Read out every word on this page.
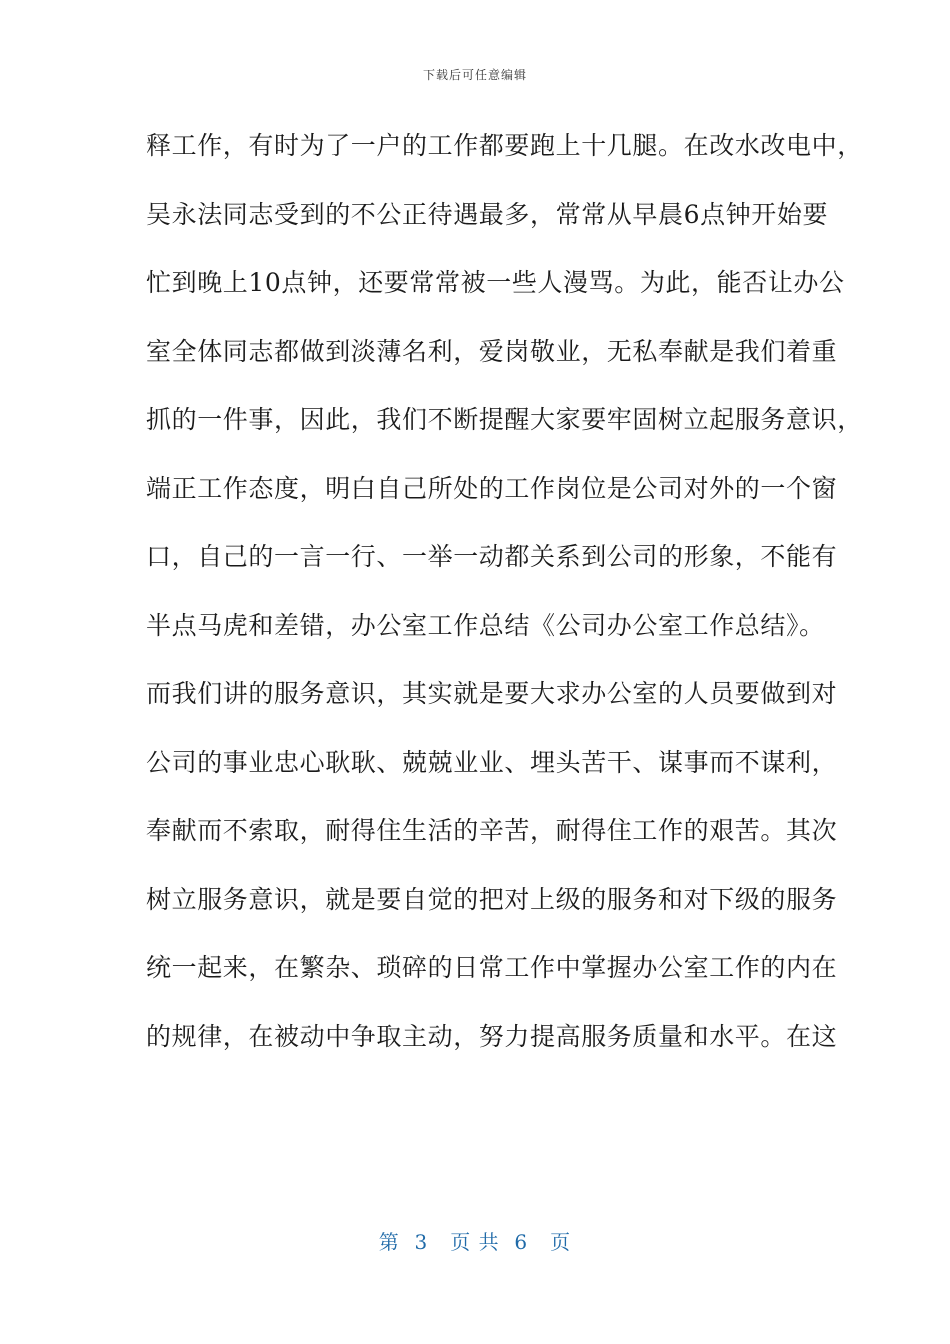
下载后可任意编辑
释工作，有时为了一户的工作都要跑上十几腿。在改水改电中，
吴永法同志受到的不公正待遇最多，常常从早晨6点钟开始要
忙到晚上10点钟，还要常常被一些人漫骂。为此，能否让办公
室全体同志都做到淡薄名利，爱岗敬业，无私奉献是我们着重
抓的一件事，因此，我们不断提醒大家要牢固树立起服务意识，
端正工作态度，明白自己所处的工作岗位是公司对外的一个窗
口，自己的一言一行、一举一动都关系到公司的形象，不能有
半点马虎和差错，办公室工作总结《公司办公室工作总结》。
而我们讲的服务意识，其实就是要大求办公室的人员要做到对
公司的事业忠心耿耿、兢兢业业、埋头苦干、谋事而不谋利，
奉献而不索取，耐得住生活的辛苦，耐得住工作的艰苦。其次
树立服务意识，就是要自觉的把对上级的服务和对下级的服务
统一起来，在繁杂、琐碎的日常工作中掌握办公室工作的内在
的规律，在被动中争取主动，努力提高服务质量和水平。在这
第  3   页 共  6   页
